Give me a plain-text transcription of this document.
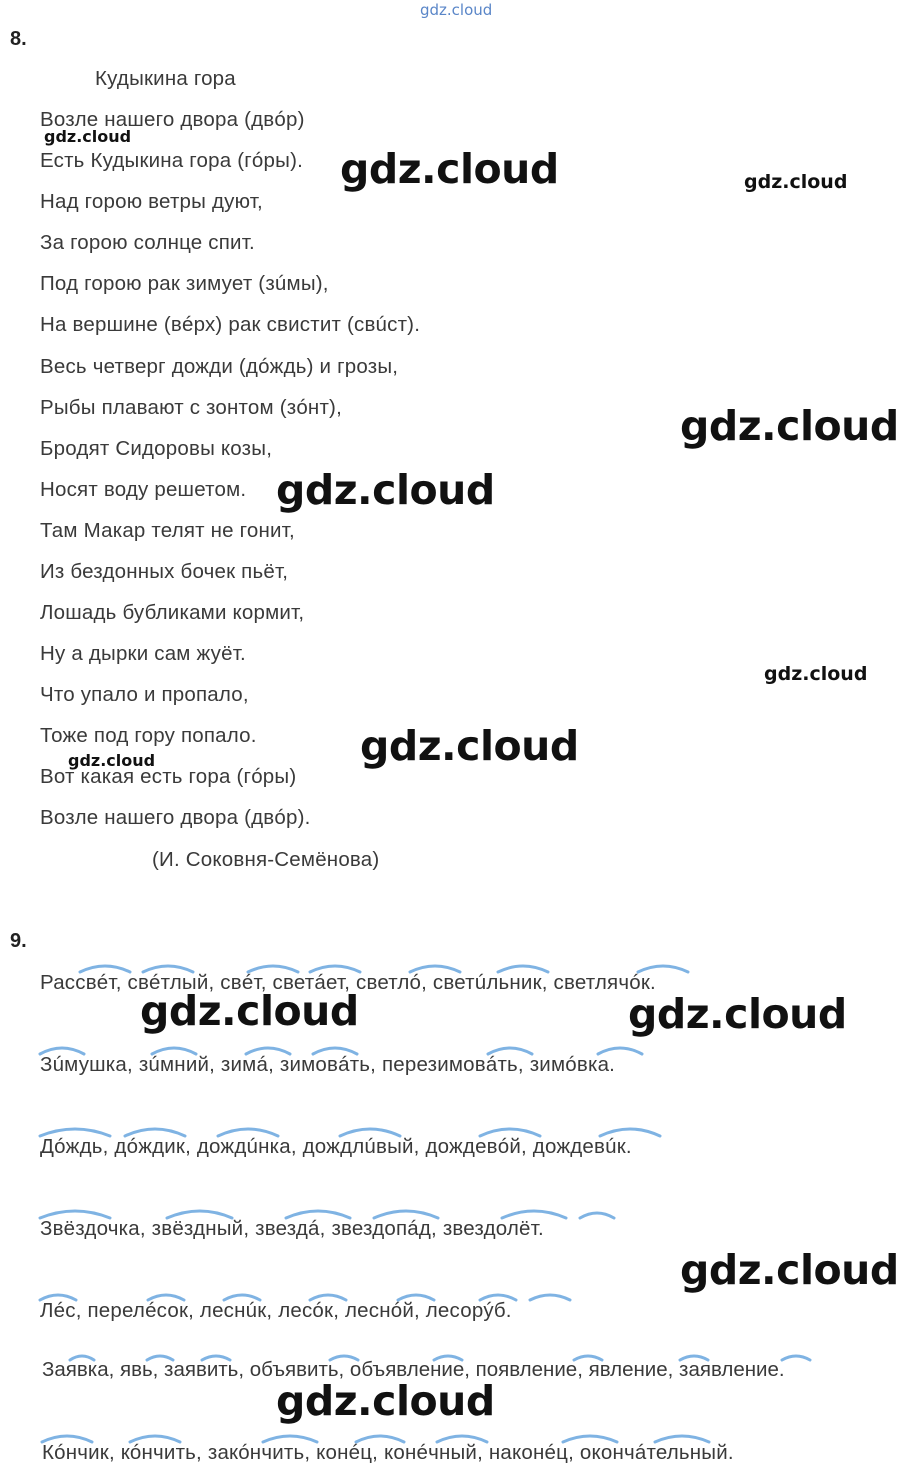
gdz.cloud
8.
Кудыкина гора
Возле нашего двора (двóр)
Есть Кудыкина гора (гóры).
Над горою ветры дуют,
За горою солнце спит.
Под горою рак зимует (зúмы),
На вершине (вéрх) рак свистит (свúст).
Весь четверг дожди (дóждь) и грозы,
Рыбы плавают с зонтом (зóнт),
Бродят Сидоровы козы,
Носят воду решетом.
Там Макар телят не гонит,
Из бездонных бочек пьёт,
Лошадь бубликами кормит,
Ну а дырки сам жуёт.
Что упало и пропало,
Тоже под гору попало.
Вот какая есть гора (гóры)
Возле нашего двора (двóр).
(И. Соковня-Семёнова)
9.
Рассвéт, свéтлый, свéт, светáет, светлó, светúльник, светлячóк.
Зúмушка, зúмний, зимá, зимовáть, перезимовáть, зимóвка.
Дóждь, дóждик, дождúнка, дождлúвый, дождевóй, дождевúк.
Звёздочка, звёздный, звездá, звездопáд, звездолёт.
Лéс, перелéсок, леснúк, лесóк, леснóй, лесорýб.
Заявка, явь, заявить, объявить, объявление, появление, явление, заявление.
Кóнчик, кóнчить, закóнчить, конéц, конéчный, наконéц, окончáтельный.
gdz.cloud
gdz.cloud	gdz.cloud
gdz.cloud
gdz.cloud
gdz.cloud
gdz.cloud
gdz.cloud
gdz.cloud	gdz.cloud
gdz.cloud
gdz.cloud
